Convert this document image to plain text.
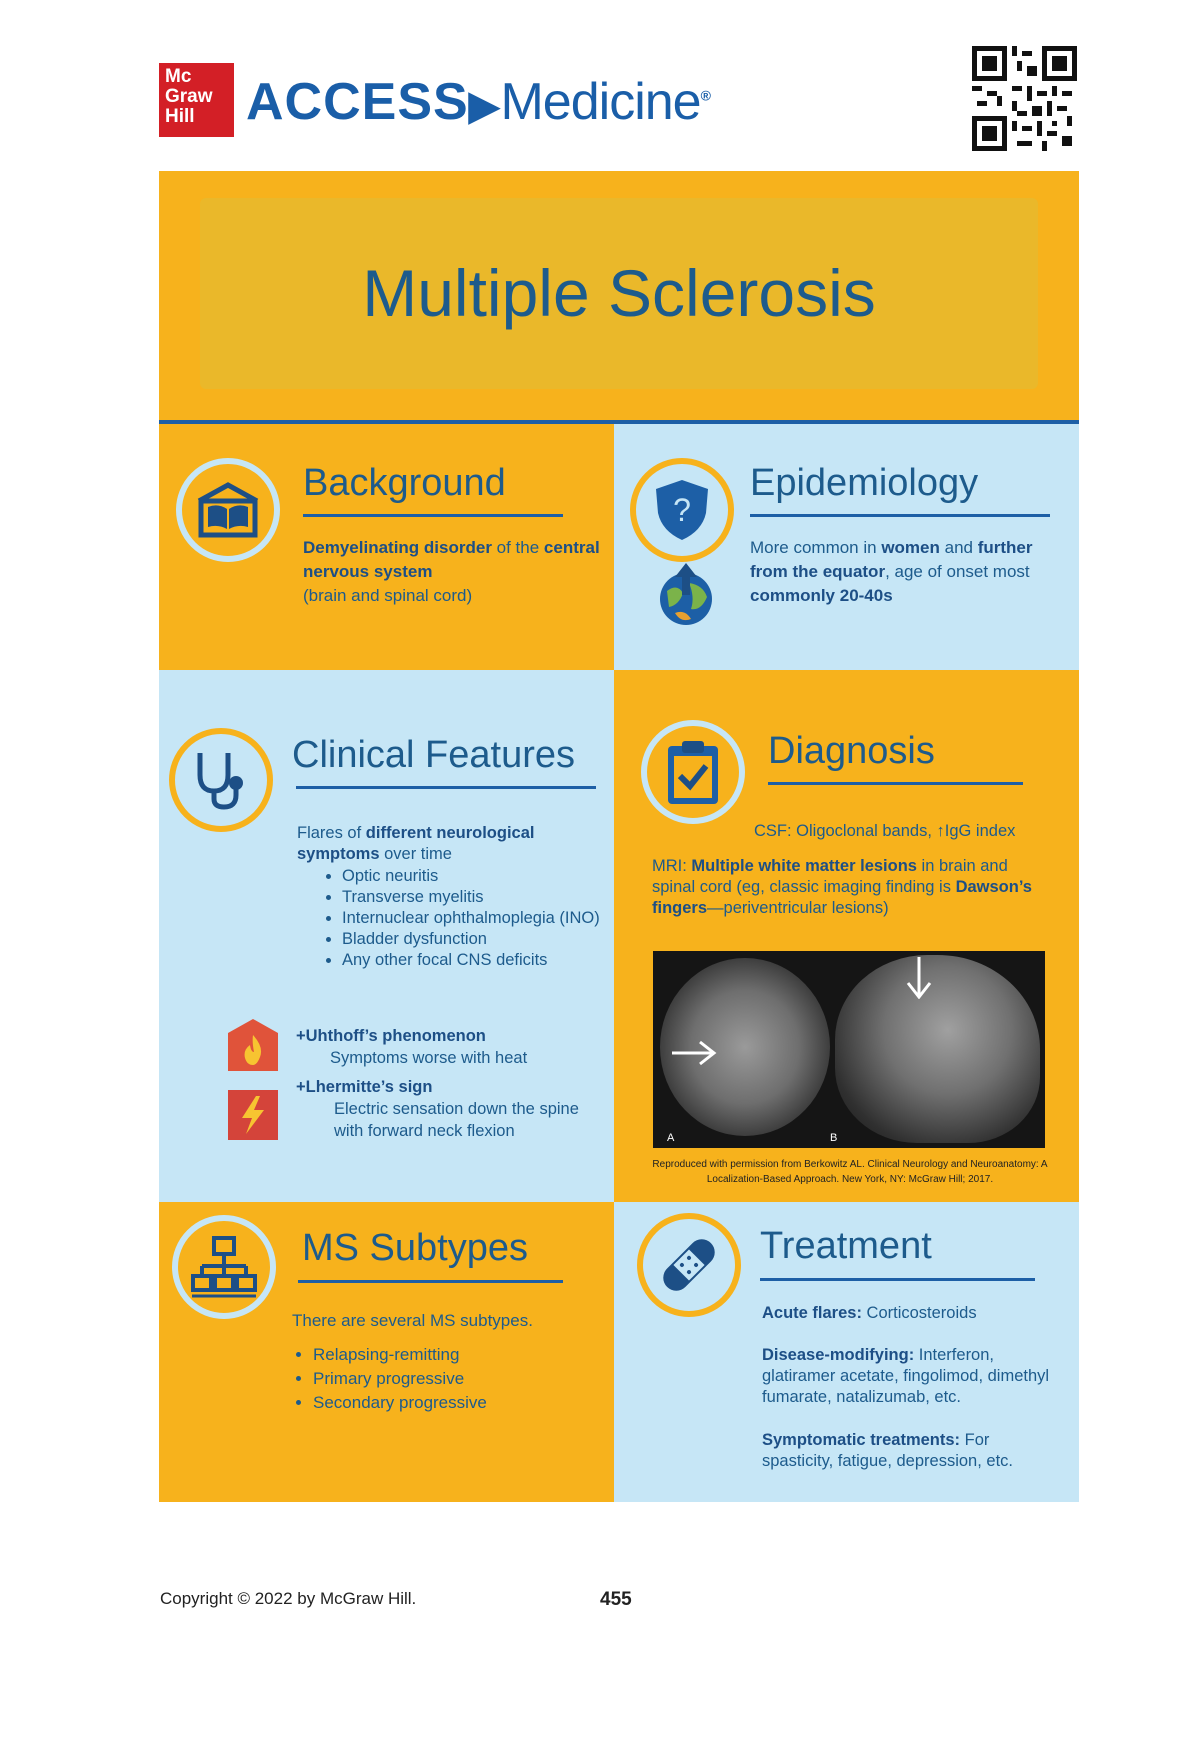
Mc
Graw
Hill ACCESS▶Medicine®
Multiple Sclerosis
Background
Demyelinating disorder of the central nervous system
(brain and spinal cord)
?
Epidemiology
More common in women and further from the equator, age of onset most commonly 20-40s
Clinical Features
Flares of different neurological symptoms over time
• Optic neuritis
• Transverse myelitis
• Internuclear ophthalmoplegia (INO)
• Bladder dysfunction
• Any other focal CNS deficits
+Uhthoff’s phenomenon
Symptoms worse with heat
+Lhermitte’s sign
Electric sensation down the spine with forward neck flexion
Diagnosis
CSF: Oligoclonal bands, ↑IgG index
MRI: Multiple white matter lesions in brain and spinal cord (eg, classic imaging finding is Dawson’s fingers—periventricular lesions)
A	B
Reproduced with permission from Berkowitz AL. Clinical Neurology and Neuroanatomy: A Localization-Based Approach. New York, NY: McGraw Hill; 2017.
MS Subtypes
There are several MS subtypes.
• Relapsing-remitting
• Primary progressive
• Secondary progressive
Treatment
Acute flares: Corticosteroids
Disease-modifying: Interferon, glatiramer acetate, fingolimod, dimethyl fumarate, natalizumab, etc.
Symptomatic treatments: For spasticity, fatigue, depression, etc.
Copyright © 2022 by McGraw Hill.	455
